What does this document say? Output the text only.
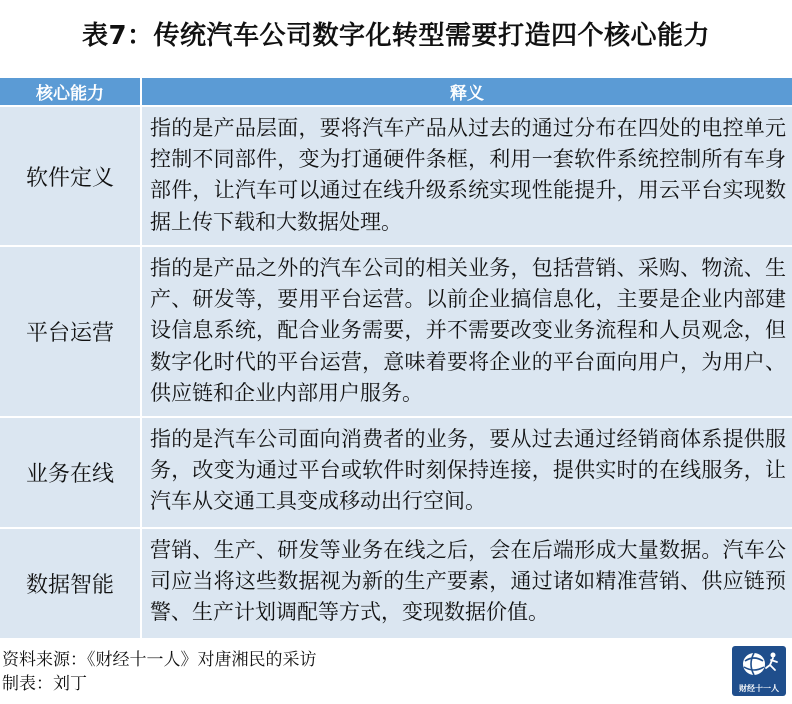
表7：传统汽车公司数字化转型需要打造四个核心能力
核心能力	释义
软件定义	指的是产品层面，要将汽车产品从过去的通过分布在四处的电控单元控制不同部件，变为打通硬件条框，利用一套软件系统控制所有车身部件，让汽车可以通过在线升级系统实现性能提升，用云平台实现数据上传下载和大数据处理。
平台运营	指的是产品之外的汽车公司的相关业务，包括营销、采购、物流、生产、研发等，要用平台运营。以前企业搞信息化，主要是企业内部建设信息系统，配合业务需要，并不需要改变业务流程和人员观念，但数字化时代的平台运营，意味着要将企业的平台面向用户，为用户、供应链和企业内部用户服务。
业务在线	指的是汽车公司面向消费者的业务，要从过去通过经销商体系提供服务，改变为通过平台或软件时刻保持连接，提供实时的在线服务，让汽车从交通工具变成移动出行空间。
数据智能	营销、生产、研发等业务在线之后，会在后端形成大量数据。汽车公司应当将这些数据视为新的生产要素，通过诸如精准营销、供应链预警、生产计划调配等方式，变现数据价值。
资料来源：《财经十一人》对唐湘民的采访
制表：刘丁	财经十一人
